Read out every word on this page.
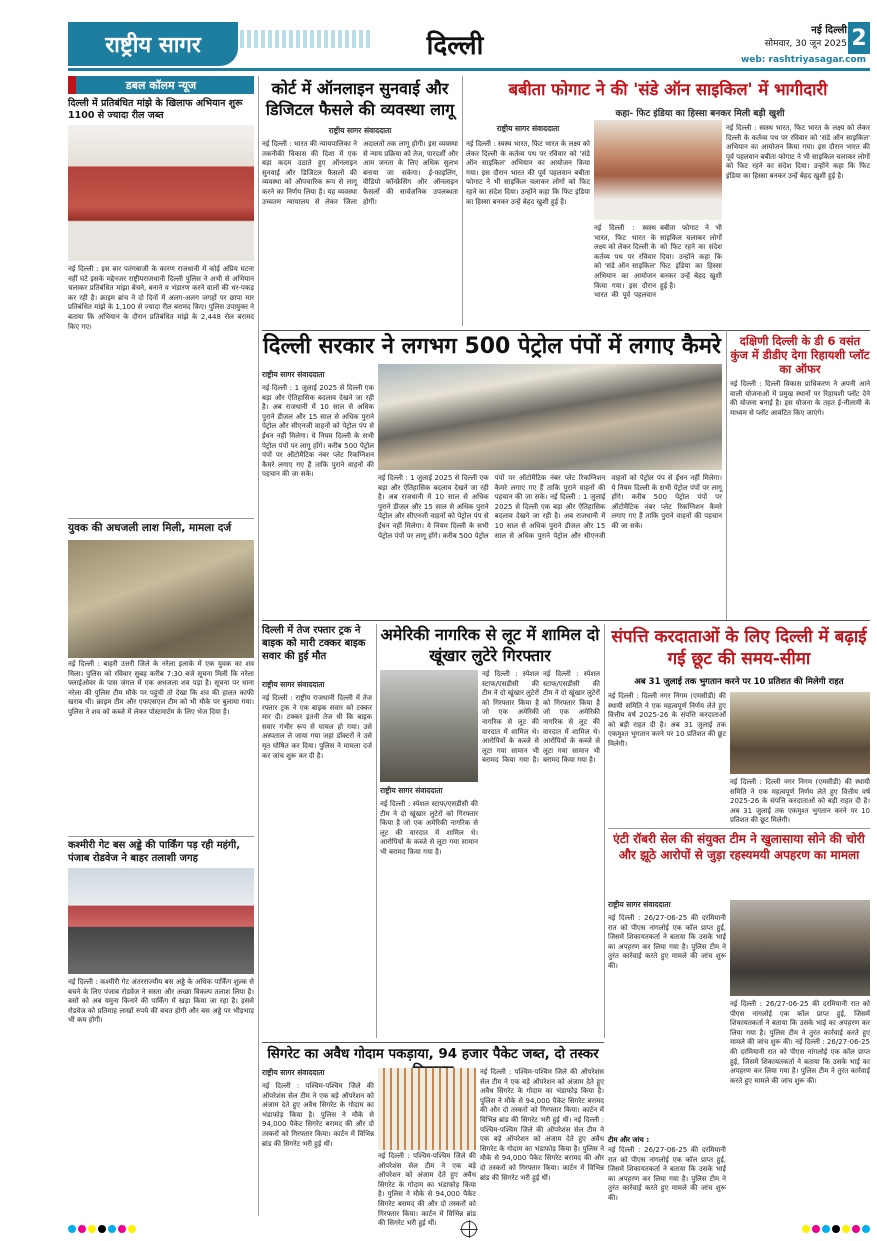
राष्ट्रीय सागर	दिल्ली
नई दिल्ली
सोमवार, 30 जून 2025 2
web: rashtriyasagar.com
डबल कॉलम न्यूज
दिल्ली में प्रतिबंधित मांझे के खिलाफ अभियान शुरू 1100 से ज्यादा रील जब्त
नई दिल्ली : इस बार पतंगबाजी के कारण राजधानी में कोई अप्रिय घटना नहीं घटे इसके मद्देनजर राष्ट्रीयराजधानी दिल्ली पुलिस ने अभी से अभियान चलाकर प्रतिबंधित मांझा बेचने, बनाने व भंडारण करने वालों की धर-पकड़ कर रही है। क्राइम ब्रांच ने दो दिनों में अलग-अलग जगहों पर छापा मार प्रतिबंधित मांझे के 1,100 से ज्यादा रील बरामद किए। पुलिस उपायुक्त ने बताया कि अभियान के दौरान प्रतिबंधित मांझे के 2,448 रोल बरामद किए गए।
युवक की अधजली लाश मिली, मामला दर्ज
नई दिल्ली : बाहरी उत्तरी जिले के नरेला इलाके में एक युवक का शव मिला। पुलिस को रविवार सुबह करीब 7:30 बजे सूचना मिली कि नरेला फ्लाईओवर के पास जंगल में एक अधजला शव पड़ा है। सूचना पर थाना नरेला की पुलिस टीम मौके पर पहुंची तो देखा कि शव की हालत काफी खराब थी। क्राइम टीम और एफएसएल टीम को भी मौके पर बुलाया गया। पुलिस ने शव को कब्जे में लेकर पोस्टमार्टम के लिए भेज दिया है।
कश्मीरी गेट बस अड्डे की पार्किंग पड़ रही महंगी, पंजाब रोडवेज ने बाहर तलाशी जगह
नई दिल्ली : कश्मीरी गेट अंतरराज्यीय बस अड्डे के अधिक पार्किंग शुल्क से बचने के लिए पंजाब रोडवेज ने सस्ता और अच्छा विकल्प तलाश लिया है। बसों को अब यमुना किनारे की पार्किंग में खड़ा किया जा रहा है। इससे रोडवेज को प्रतिमाह लाखों रुपये की बचत होगी और बस अड्डे पर भीड़भाड़ भी कम होगी।
कोर्ट में ऑनलाइन सुनवाई और डिजिटल फैसले की व्यवस्था लागू
राष्ट्रीय सागर संवाददाता
नई दिल्ली : भारत की न्यायपालिका ने तकनीकी विकास की दिशा में एक बड़ा कदम उठाते हुए ऑनलाइन सुनवाई और डिजिटल फैसलों की व्यवस्था को औपचारिक रूप से लागू करने का निर्णय लिया है। यह व्यवस्था उच्चतम न्यायालय से लेकर जिला अदालतों तक लागू होगी। इस व्यवस्था से न्याय प्रक्रिया को तेज, पारदर्शी और आम जनता के लिए अधिक सुलभ बनाया जा सकेगा। ई-फाइलिंग, वीडियो कॉन्फ्रेंसिंग और ऑनलाइन फैसलों की सार्वजनिक उपलब्धता होगी।
बबीता फोगाट ने की 'संडे ऑन साइकिल' में भागीदारी
कहा- फिट इंडिया का हिस्सा बनकर मिली बड़ी खुशी
राष्ट्रीय सागर संवाददाता
नई दिल्ली : स्वस्थ भारत, फिट भारत के लक्ष्य को लेकर दिल्ली के कर्तव्य पथ पर रविवार को 'संडे ऑन साइकिल' अभियान का आयोजन किया गया। इस दौरान भारत की पूर्व पहलवान बबीता फोगाट ने भी साइकिल चलाकर लोगों को फिट रहने का संदेश दिया। उन्होंने कहा कि फिट इंडिया का हिस्सा बनकर उन्हें बेहद खुशी हुई है।
नई दिल्ली : स्वस्थ भारत, फिट भारत के लक्ष्य को लेकर दिल्ली के कर्तव्य पथ पर रविवार को 'संडे ऑन साइकिल' अभियान का आयोजन किया गया। इस दौरान भारत की पूर्व पहलवान बबीता फोगाट ने भी साइकिल चलाकर लोगों को फिट रहने का संदेश दिया। उन्होंने कहा कि फिट इंडिया का हिस्सा बनकर उन्हें बेहद खुशी हुई है।
नई दिल्ली : स्वस्थ भारत, फिट भारत के लक्ष्य को लेकर दिल्ली के कर्तव्य पथ पर रविवार को 'संडे ऑन साइकिल' अभियान का आयोजन किया गया। इस दौरान भारत की पूर्व पहलवान बबीता फोगाट ने भी साइकिल चलाकर लोगों को फिट रहने का संदेश दिया। उन्होंने कहा कि फिट इंडिया का हिस्सा बनकर उन्हें बेहद खुशी हुई है।
दिल्ली सरकार ने लगभग 500 पेट्रोल पंपों में लगाए कैमरे
राष्ट्रीय सागर संवाददाता
नई दिल्ली : 1 जुलाई 2025 से दिल्ली एक बड़ा और ऐतिहासिक बदलाव देखने जा रही है। अब राजधानी में 10 साल से अधिक पुराने डीजल और 15 साल से अधिक पुराने पेट्रोल और सीएनजी वाहनों को पेट्रोल पंप से ईंधन नहीं मिलेगा। ये नियम दिल्ली के सभी पेट्रोल पंपों पर लागू होंगे। करीब 500 पेट्रोल पंपों पर ऑटोमैटिक नंबर प्लेट रिकग्निशन कैमरे लगाए गए हैं ताकि पुराने वाहनों की पहचान की जा सके।	नई दिल्ली : 1 जुलाई 2025 से दिल्ली एक बड़ा और ऐतिहासिक बदलाव देखने जा रही है। अब राजधानी में 10 साल से अधिक पुराने डीजल और 15 साल से अधिक पुराने पेट्रोल और सीएनजी वाहनों को पेट्रोल पंप से ईंधन नहीं मिलेगा। ये नियम दिल्ली के सभी पेट्रोल पंपों पर लागू होंगे। करीब 500 पेट्रोल पंपों पर ऑटोमैटिक नंबर प्लेट रिकग्निशन कैमरे लगाए गए हैं ताकि पुराने वाहनों की पहचान की जा सके। नई दिल्ली : 1 जुलाई 2025 से दिल्ली एक बड़ा और ऐतिहासिक बदलाव देखने जा रही है। अब राजधानी में 10 साल से अधिक पुराने डीजल और 15 साल से अधिक पुराने पेट्रोल और सीएनजी वाहनों को पेट्रोल पंप से ईंधन नहीं मिलेगा। ये नियम दिल्ली के सभी पेट्रोल पंपों पर लागू होंगे। करीब 500 पेट्रोल पंपों पर ऑटोमैटिक नंबर प्लेट रिकग्निशन कैमरे लगाए गए हैं ताकि पुराने वाहनों की पहचान की जा सके।
दक्षिणी दिल्ली के डी 6 वसंत कुंज में डीडीए देगा रिहायशी प्लॉट का ऑफर
नई दिल्ली : दिल्ली विकास प्राधिकरण ने अपनी आने वाली योजनाओं में प्रमुख स्थानों पर रिहायशी प्लॉट देने की योजना बनाई है। इस योजना के तहत ई-नीलामी के माध्यम से प्लॉट आवंटित किए जाएंगे।
दिल्ली में तेज रफ्तार ट्रक ने बाइक को मारी टक्कर बाइक सवार की हुई मौत
राष्ट्रीय सागर संवाददाता
नई दिल्ली : राष्ट्रीय राजधानी दिल्ली में तेज रफ्तार ट्रक ने एक बाइक सवार को टक्कर मार दी। टक्कर इतनी तेज थी कि बाइक सवार गंभीर रूप से घायल हो गया। उसे अस्पताल ले जाया गया जहां डॉक्टरों ने उसे मृत घोषित कर दिया। पुलिस ने मामला दर्ज कर जांच शुरू कर दी है।
अमेरिकी नागरिक से लूट में शामिल दो खूंखार लुटेरे गिरफ्तार
राष्ट्रीय सागर संवाददाता
नई दिल्ली : स्पेशल स्टाफ/एसडीसी की टीम ने दो खूंखार लुटेरों को गिरफ्तार किया है जो एक अमेरिकी नागरिक से लूट की वारदात में शामिल थे। आरोपियों के कब्जे से लूटा गया सामान भी बरामद किया गया है।
नई दिल्ली : स्पेशल स्टाफ/एसडीसी की टीम ने दो खूंखार लुटेरों को गिरफ्तार किया है जो एक अमेरिकी नागरिक से लूट की वारदात में शामिल थे। आरोपियों के कब्जे से लूटा गया सामान भी बरामद किया गया है। नई दिल्ली : स्पेशल स्टाफ/एसडीसी की टीम ने दो खूंखार लुटेरों को गिरफ्तार किया है जो एक अमेरिकी नागरिक से लूट की वारदात में शामिल थे। आरोपियों के कब्जे से लूटा गया सामान भी बरामद किया गया है।
संपत्ति करदाताओं के लिए दिल्ली में बढ़ाई गई छूट की समय-सीमा
अब 31 जुलाई तक भुगतान करने पर 10 प्रतिशत की मिलेगी राहत
नई दिल्ली : दिल्ली नगर निगम (एमसीडी) की स्थायी समिति ने एक महत्वपूर्ण निर्णय लेते हुए वित्तीय वर्ष 2025-26 के संपत्ति करदाताओं को बड़ी राहत दी है। अब 31 जुलाई तक एकमुश्त भुगतान करने पर 10 प्रतिशत की छूट मिलेगी।
नई दिल्ली : दिल्ली नगर निगम (एमसीडी) की स्थायी समिति ने एक महत्वपूर्ण निर्णय लेते हुए वित्तीय वर्ष 2025-26 के संपत्ति करदाताओं को बड़ी राहत दी है। अब 31 जुलाई तक एकमुश्त भुगतान करने पर 10 प्रतिशत की छूट मिलेगी।
एंटी रॉबरी सेल की संयुक्त टीम ने खुलासाया सोने की चोरी और झूठे आरोपों से जुड़ा रहस्यमयी अपहरण का मामला
राष्ट्रीय सागर संवाददाता
नई दिल्ली : 26/27-06-25 की दरमियानी रात को पीएस नांगलोई एक कॉल प्राप्त हुई, जिसमें शिकायतकर्ता ने बताया कि उसके भाई का अपहरण कर लिया गया है। पुलिस टीम ने तुरंत कार्रवाई करते हुए मामले की जांच शुरू की।
नई दिल्ली : 26/27-06-25 की दरमियानी रात को पीएस नांगलोई एक कॉल प्राप्त हुई, जिसमें शिकायतकर्ता ने बताया कि उसके भाई का अपहरण कर लिया गया है। पुलिस टीम ने तुरंत कार्रवाई करते हुए मामले की जांच शुरू की। नई दिल्ली : 26/27-06-25 की दरमियानी रात को पीएस नांगलोई एक कॉल प्राप्त हुई, जिसमें शिकायतकर्ता ने बताया कि उसके भाई का अपहरण कर लिया गया है। पुलिस टीम ने तुरंत कार्रवाई करते हुए मामले की जांच शुरू की।
टीम और जांच :
नई दिल्ली : 26/27-06-25 की दरमियानी रात को पीएस नांगलोई एक कॉल प्राप्त हुई, जिसमें शिकायतकर्ता ने बताया कि उसके भाई का अपहरण कर लिया गया है। पुलिस टीम ने तुरंत कार्रवाई करते हुए मामले की जांच शुरू की।
सिगरेट का अवैध गोदाम पकड़ाया, 94 हजार पैकेट जब्त, दो तस्कर
राष्ट्रीय सागर संवाददाता
नई दिल्ली : पश्चिम-पश्चिम जिले की ऑपरेशंस सेल टीम ने एक बड़े ऑपरेशन को अंजाम देते हुए अवैध सिगरेट के गोदाम का भंडाफोड़ किया है। पुलिस ने मौके से 94,000 पैकेट सिगरेट बरामद की और दो तस्करों को गिरफ्तार किया। कार्टन में विभिन्न ब्रांड की सिगरेट भरी हुई थीं।
नई दिल्ली : पश्चिम-पश्चिम जिले की ऑपरेशंस सेल टीम ने एक बड़े ऑपरेशन को अंजाम देते हुए अवैध सिगरेट के गोदाम का भंडाफोड़ किया है। पुलिस ने मौके से 94,000 पैकेट सिगरेट बरामद की और दो तस्करों को गिरफ्तार किया। कार्टन में विभिन्न ब्रांड की सिगरेट भरी हुई थीं।
नई दिल्ली : पश्चिम-पश्चिम जिले की ऑपरेशंस सेल टीम ने एक बड़े ऑपरेशन को अंजाम देते हुए अवैध सिगरेट के गोदाम का भंडाफोड़ किया है। पुलिस ने मौके से 94,000 पैकेट सिगरेट बरामद की और दो तस्करों को गिरफ्तार किया। कार्टन में विभिन्न ब्रांड की सिगरेट भरी हुई थीं। नई दिल्ली : पश्चिम-पश्चिम जिले की ऑपरेशंस सेल टीम ने एक बड़े ऑपरेशन को अंजाम देते हुए अवैध सिगरेट के गोदाम का भंडाफोड़ किया है। पुलिस ने मौके से 94,000 पैकेट सिगरेट बरामद की और दो तस्करों को गिरफ्तार किया। कार्टन में विभिन्न ब्रांड की सिगरेट भरी हुई थीं।
